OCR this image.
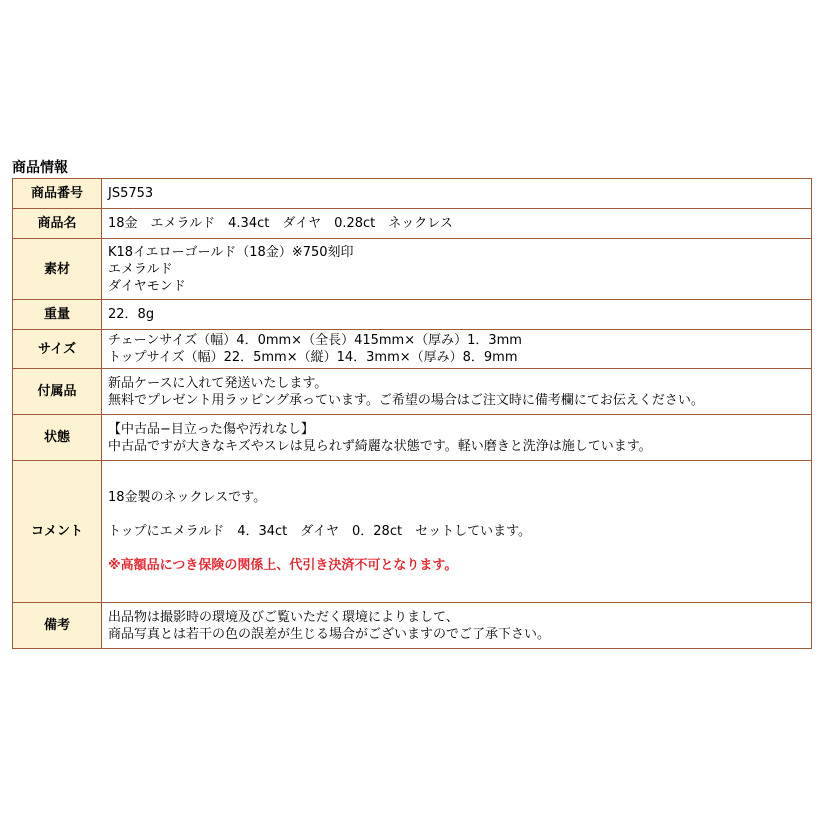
商品情報
商品番号	JS5753
商品名	18金　エメラルド　4.34ct　ダイヤ　0.28ct　ネックレス
素材	K18イエローゴールド（18金）※750刻印
エメラルド
ダイヤモンド

重量	22．8g
サイズ	チェーンサイズ（幅）4．0mm×（全長）415mm×（厚み）1．3mm
トップサイズ（幅）22．5mm×（縦）14．3mm×（厚み）8．9mm

付属品	新品ケースに入れて発送いたします。
無料でプレゼント用ラッピング承っています。ご希望の場合はご注文時に備考欄にてお伝えください。

状態	【中古品−目立った傷や汚れなし】
中古品ですが大きなキズやスレは見られず綺麗な状態です。軽い磨きと洗浄は施しています。

コメント	18金製のネックレスです。
トップにエメラルド　4．34ct　ダイヤ　0．28ct　セットしています。
※高額品につき保険の関係上、代引き決済不可となります。

備考	出品物は撮影時の環境及びご覧いただく環境によりまして、
商品写真とは若干の色の誤差が生じる場合がございますのでご了承下さい。
